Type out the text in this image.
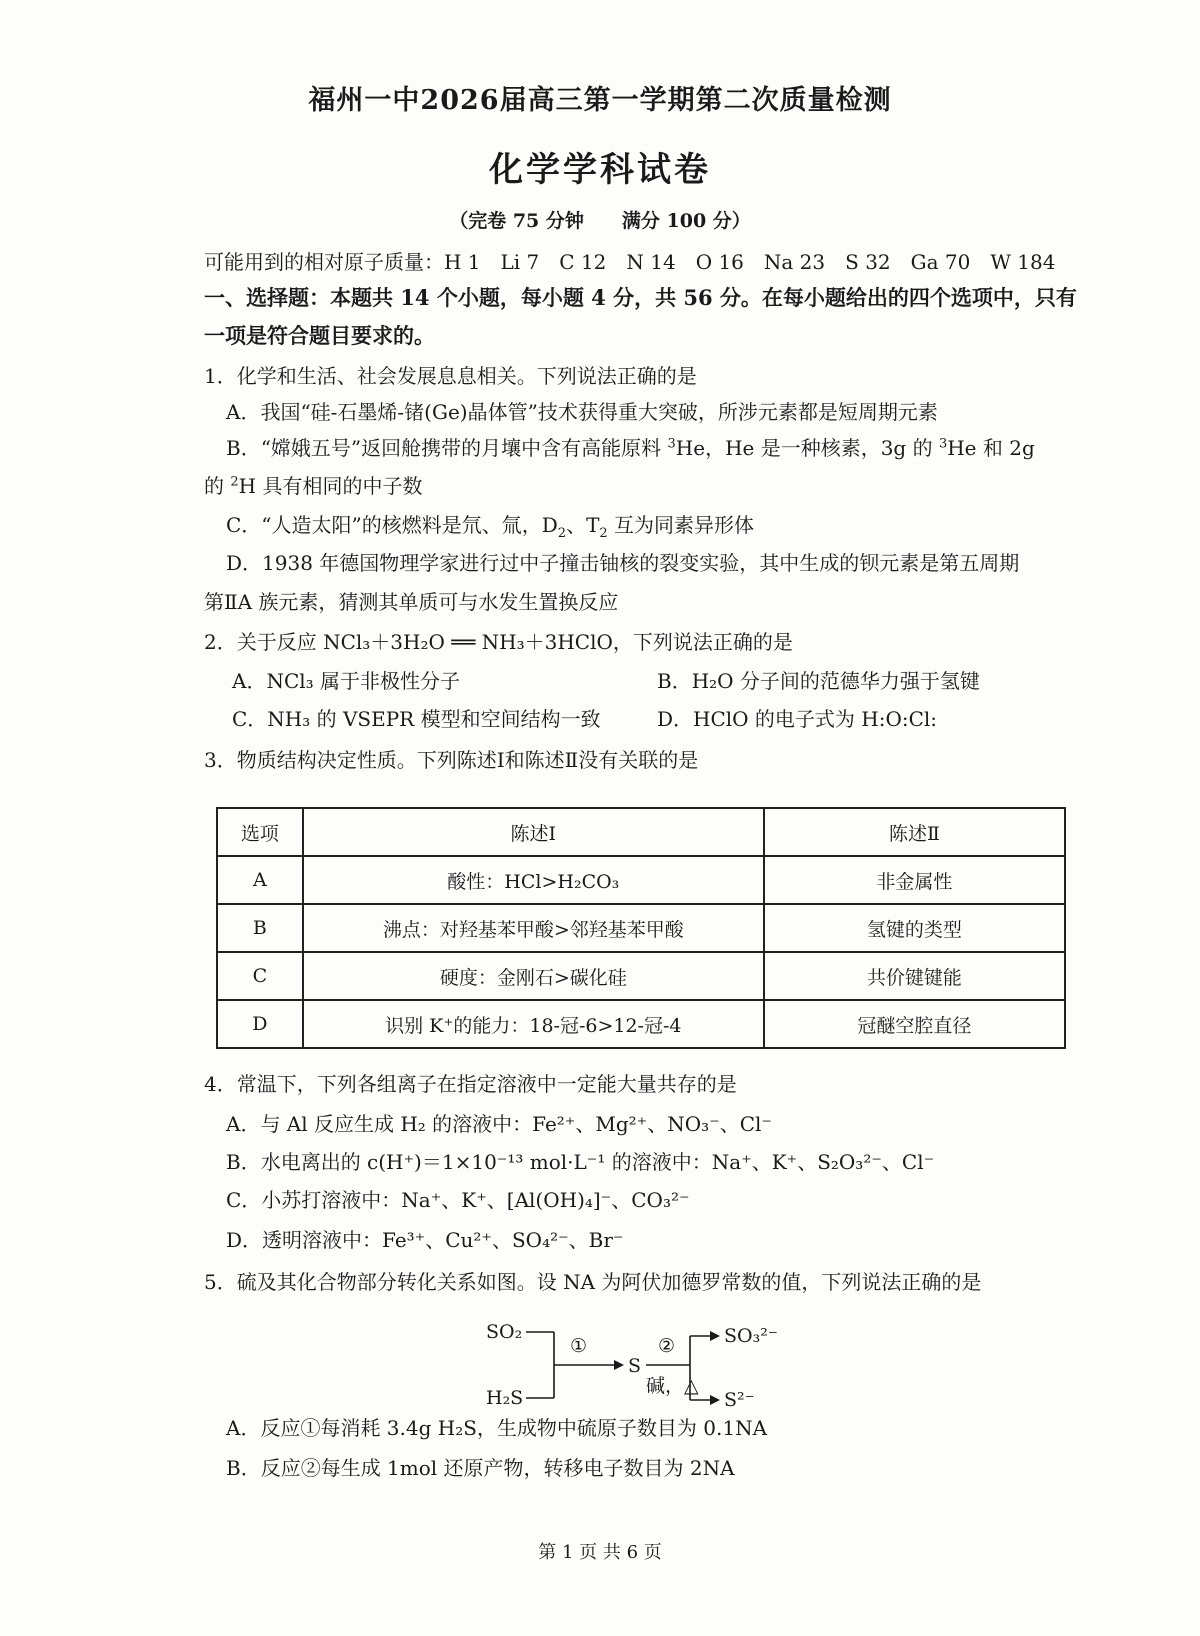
福州一中2026届高三第一学期第二次质量检测
化学学科试卷
（完卷 75 分钟　　满分 100 分）
可能用到的相对原子质量：H 1　Li 7　C 12　N 14　O 16　Na 23　S 32　Ga 70　W 184
一、选择题：本题共 14 个小题，每小题 4 分，共 56 分。在每小题给出的四个选项中，只有
一项是符合题目要求的。
1．化学和生活、社会发展息息相关。下列说法正确的是
A．我国“硅-石墨烯-锗(Ge)晶体管”技术获得重大突破，所涉元素都是短周期元素
B．“嫦娥五号”返回舱携带的月壤中含有高能原料 $^3$He，He 是一种核素，3g 的 $^3$He 和 2g
的 $^2$H 具有相同的中子数
C．“人造太阳”的核燃料是氘、氚，$D_2$、$T_2$ 互为同素异形体
D．1938 年德国物理学家进行过中子撞击铀核的裂变实验，其中生成的钡元素是第五周期
第ⅡA 族元素，猜测其单质可与水发生置换反应
2．关于反应 NCl₃＋3H₂O ══ NH₃＋3HClO，下列说法正确的是
A．NCl₃ 属于非极性分子	B．H₂O 分子间的范德华力强于氢键
C．NH₃ 的 VSEPR 模型和空间结构一致	D．HClO 的电子式为 H:O:Cl:
3．物质结构决定性质。下列陈述Ⅰ和陈述Ⅱ没有关联的是
选项	陈述Ⅰ	陈述Ⅱ
A	酸性：HCl>H₂CO₃	非金属性
B	沸点：对羟基苯甲酸>邻羟基苯甲酸	氢键的类型
C	硬度：金刚石>碳化硅	共价键键能
D	识别 K⁺的能力：18-冠-6>12-冠-4	冠醚空腔直径
4．常温下，下列各组离子在指定溶液中一定能大量共存的是
A．与 Al 反应生成 H₂ 的溶液中：Fe²⁺、Mg²⁺、NO₃⁻、Cl⁻
B．水电离出的 c(H⁺)＝1×10⁻¹³ mol·L⁻¹ 的溶液中：Na⁺、K⁺、S₂O₃²⁻、Cl⁻
C．小苏打溶液中：Na⁺、K⁺、[Al(OH)₄]⁻、CO₃²⁻
D．透明溶液中：Fe³⁺、Cu²⁺、SO₄²⁻、Br⁻
5．硫及其化合物部分转化关系如图。设 NA 为阿伏加德罗常数的值，下列说法正确的是
SO₂
H₂S
①
S
②
碱，△
SO₃²⁻
S²⁻
A．反应①每消耗 3.4g H₂S，生成物中硫原子数目为 0.1NA
B．反应②每生成 1mol 还原产物，转移电子数目为 2NA
第 1 页 共 6 页
